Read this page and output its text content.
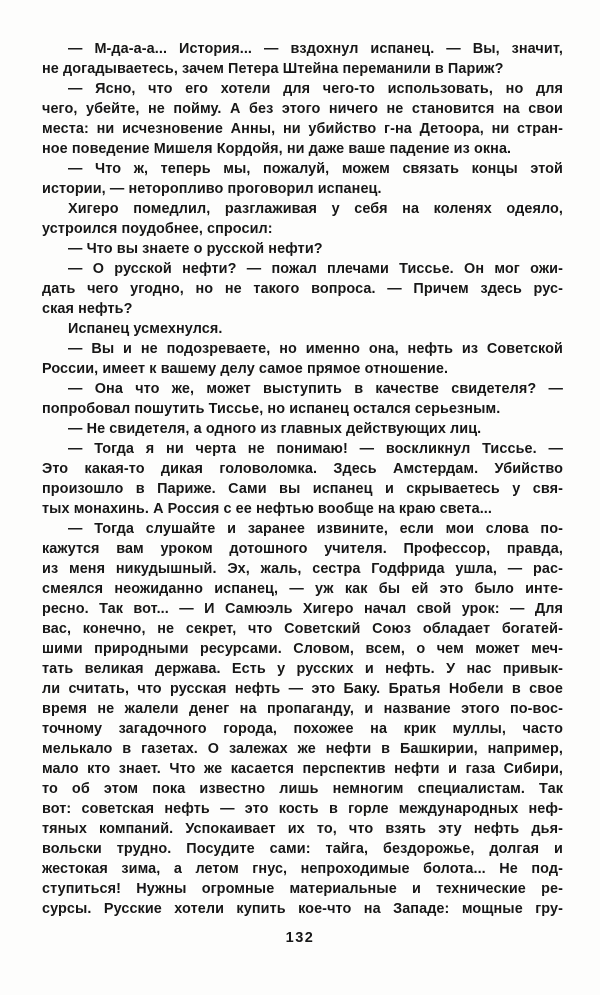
— М-да-а-а... История... — вздохнул испанец. — Вы, значит,
не догадываетесь, зачем Петера Штейна переманили в Париж?
— Ясно, что его хотели для чего-то использовать, но для
чего, убейте, не пойму. А без этого ничего не становится на свои
места: ни исчезновение Анны, ни убийство г-на Детоора, ни стран-
ное поведение Мишеля Кордойя, ни даже ваше падение из окна.
— Что ж, теперь мы, пожалуй, можем связать концы этой
истории, — неторопливо проговорил испанец.
Хигеро помедлил, разглаживая у себя на коленях одеяло,
устроился поудобнее, спросил:
— Что вы знаете о русской нефти?
— О русской нефти? — пожал плечами Тиссье. Он мог ожи-
дать чего угодно, но не такого вопроса. — Причем здесь рус-
ская нефть?
Испанец усмехнулся.
— Вы и не подозреваете, но именно она, нефть из Советской
России, имеет к вашему делу самое прямое отношение.
— Она что же, может выступить в качестве свидетеля? —
попробовал пошутить Тиссье, но испанец остался серьезным.
— Не свидетеля, а одного из главных действующих лиц.
— Тогда я ни черта не понимаю! — воскликнул Тиссье. —
Это какая-то дикая головоломка. Здесь Амстердам. Убийство
произошло в Париже. Сами вы испанец и скрываетесь у свя-
тых монахинь. А Россия с ее нефтью вообще на краю света...
— Тогда слушайте и заранее извините, если мои слова по-
кажутся вам уроком дотошного учителя. Профессор, правда,
из меня никудышный. Эх, жаль, сестра Годфрида ушла, — рас-
смеялся неожиданно испанец, — уж как бы ей это было инте-
ресно. Так вот... — И Самюэль Хигеро начал свой урок: — Для
вас, конечно, не секрет, что Советский Союз обладает богатей-
шими природными ресурсами. Словом, всем, о чем может меч-
тать великая держава. Есть у русских и нефть. У нас привык-
ли считать, что русская нефть — это Баку. Братья Нобели в свое
время не жалели денег на пропаганду, и название этого по-вос-
точному загадочного города, похожее на крик муллы, часто
мелькало в газетах. О залежах же нефти в Башкирии, например,
мало кто знает. Что же касается перспектив нефти и газа Сибири,
то об этом пока известно лишь немногим специалистам. Так
вот: советская нефть — это кость в горле международных неф-
тяных компаний. Успокаивает их то, что взять эту нефть дья-
вольски трудно. Посудите сами: тайга, бездорожье, долгая и
жестокая зима, а летом гнус, непроходимые болота... Не под-
ступиться! Нужны огромные материальные и технические ре-
сурсы. Русские хотели купить кое-что на Западе: мощные гру-
132
